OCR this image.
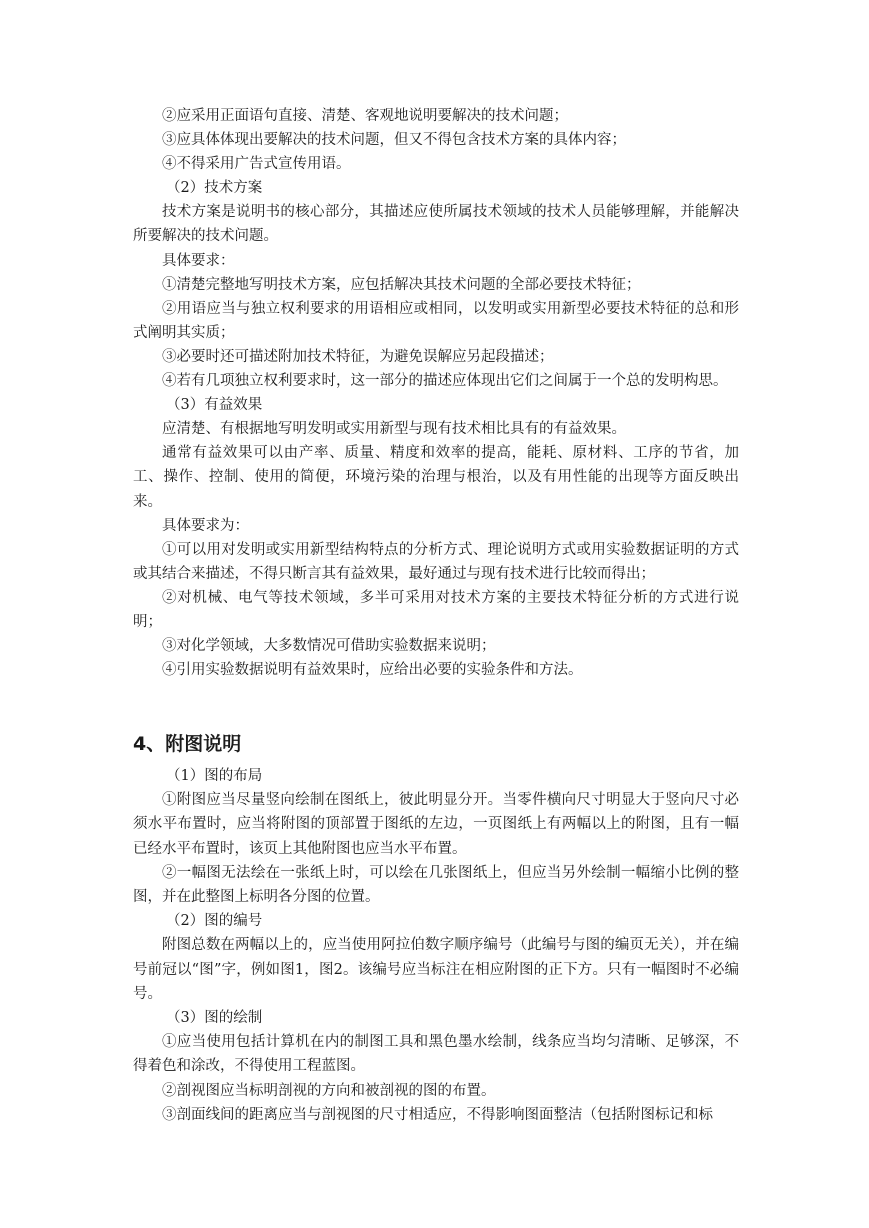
②应采用正面语句直接、清楚、客观地说明要解决的技术问题；
③应具体体现出要解决的技术问题，但又不得包含技术方案的具体内容；
④不得采用广告式宣传用语。
（2）技术方案
技术方案是说明书的核心部分，其描述应使所属技术领域的技术人员能够理解，并能解决所要解决的技术问题。
具体要求：
①清楚完整地写明技术方案，应包括解决其技术问题的全部必要技术特征；
②用语应当与独立权利要求的用语相应或相同，以发明或实用新型必要技术特征的总和形式阐明其实质；
③必要时还可描述附加技术特征，为避免误解应另起段描述；
④若有几项独立权利要求时，这一部分的描述应体现出它们之间属于一个总的发明构思。
（3）有益效果
应清楚、有根据地写明发明或实用新型与现有技术相比具有的有益效果。
通常有益效果可以由产率、质量、精度和效率的提高，能耗、原材料、工序的节省，加工、操作、控制、使用的简便，环境污染的治理与根治，以及有用性能的出现等方面反映出来。
具体要求为：
①可以用对发明或实用新型结构特点的分析方式、理论说明方式或用实验数据证明的方式或其结合来描述，不得只断言其有益效果，最好通过与现有技术进行比较而得出；
②对机械、电气等技术领域，多半可采用对技术方案的主要技术特征分析的方式进行说明；
③对化学领域，大多数情况可借助实验数据来说明；
④引用实验数据说明有益效果时，应给出必要的实验条件和方法。
4、附图说明
（1）图的布局
①附图应当尽量竖向绘制在图纸上，彼此明显分开。当零件横向尺寸明显大于竖向尺寸必须水平布置时，应当将附图的顶部置于图纸的左边，一页图纸上有两幅以上的附图，且有一幅已经水平布置时，该页上其他附图也应当水平布置。
②一幅图无法绘在一张纸上时，可以绘在几张图纸上，但应当另外绘制一幅缩小比例的整图，并在此整图上标明各分图的位置。
（2）图的编号
附图总数在两幅以上的，应当使用阿拉伯数字顺序编号（此编号与图的编页无关），并在编号前冠以“图”字，例如图1，图2。该编号应当标注在相应附图的正下方。只有一幅图时不必编号。
（3）图的绘制
①应当使用包括计算机在内的制图工具和黑色墨水绘制，线条应当均匀清晰、足够深，不得着色和涂改，不得使用工程蓝图。
②剖视图应当标明剖视的方向和被剖视的图的布置。
③剖面线间的距离应当与剖视图的尺寸相适应，不得影响图面整洁（包括附图标记和标
